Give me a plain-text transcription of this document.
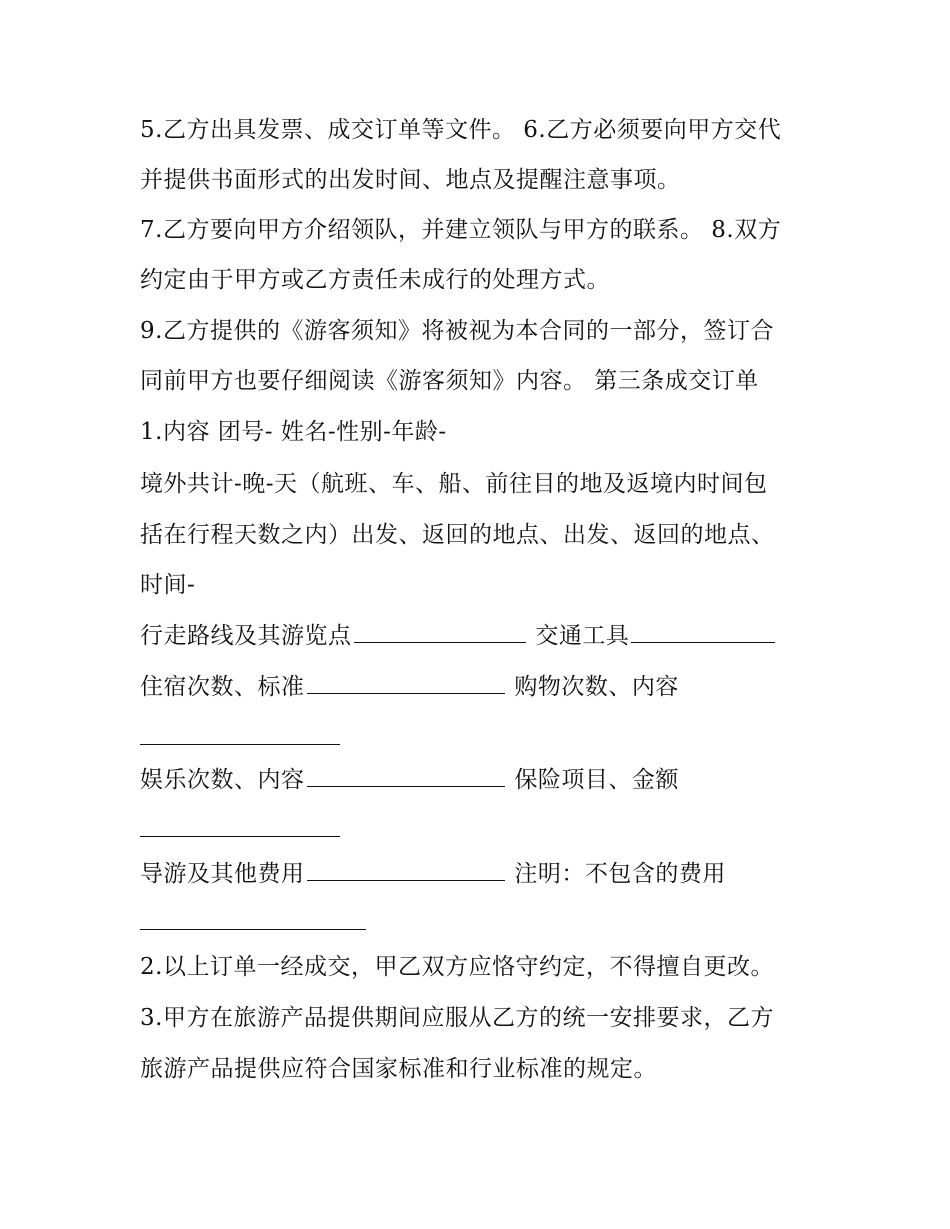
5.乙方出具发票、成交订单等文件。 6.乙方必须要向甲方交代
并提供书面形式的出发时间、地点及提醒注意事项。
7.乙方要向甲方介绍领队，并建立领队与甲方的联系。 8.双方
约定由于甲方或乙方责任未成行的处理方式。
9.乙方提供的《游客须知》将被视为本合同的一部分，签订合
同前甲方也要仔细阅读《游客须知》内容。 第三条成交订单
1.内容 团号- 姓名-性别-年龄-
境外共计-晚-天（航班、车、船、前往目的地及返境内时间包
括在行程天数之内）出发、返回的地点、出发、返回的地点、
时间-
行走路线及其游览点	交通工具
住宿次数、标准	购物次数、内容
娱乐次数、内容	保险项目、金额
导游及其他费用	注明：不包含的费用
2.以上订单一经成交，甲乙双方应恪守约定，不得擅自更改。
3.甲方在旅游产品提供期间应服从乙方的统一安排要求，乙方
旅游产品提供应符合国家标准和行业标准的规定。
